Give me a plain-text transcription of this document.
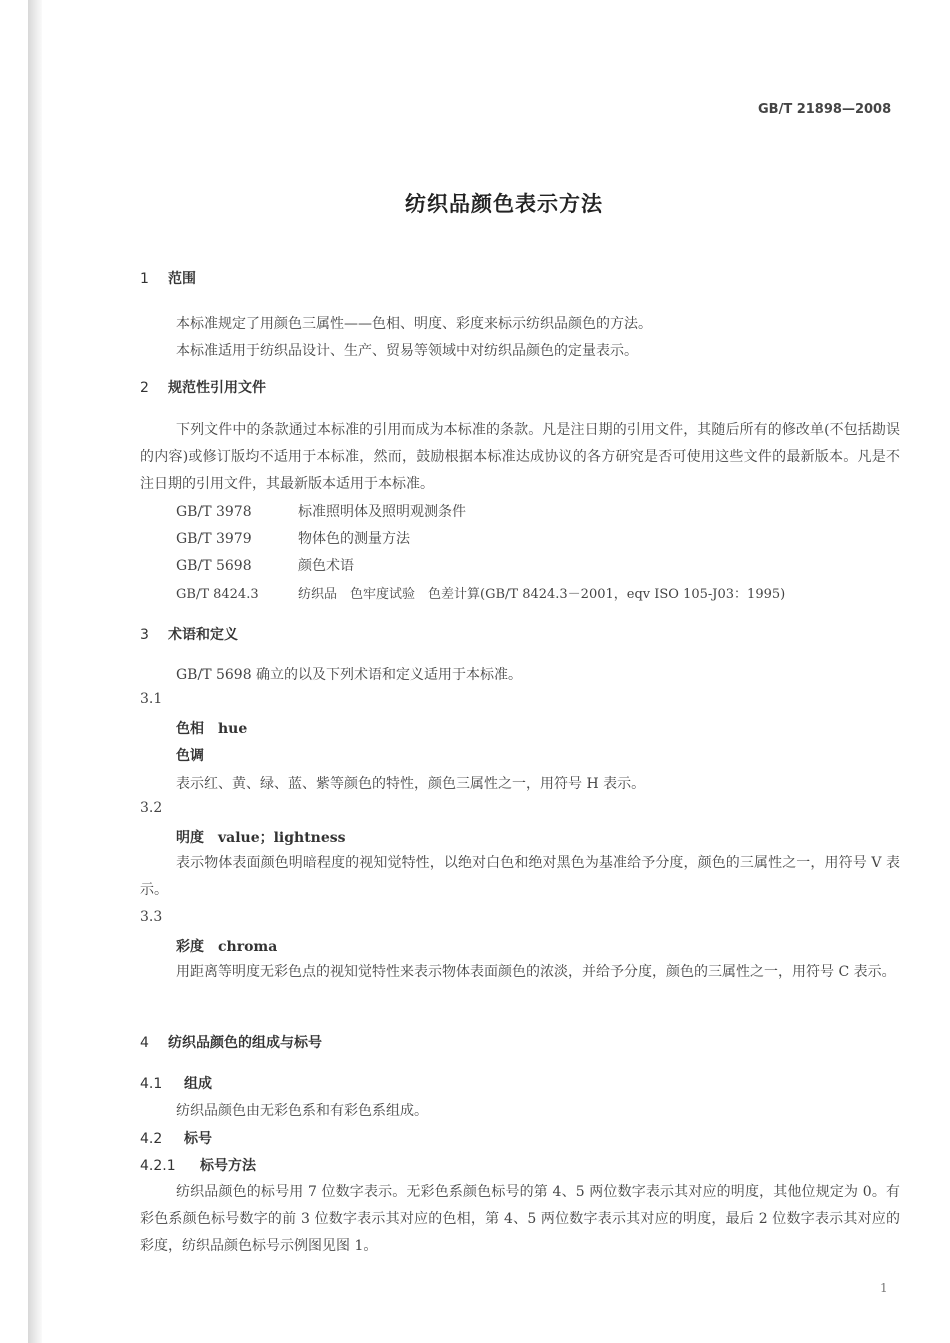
GB/T 21898—2008
纺织品颜色表示方法
1 范围
本标准规定了用颜色三属性——色相、明度、彩度来标示纺织品颜色的方法。
本标准适用于纺织品设计、生产、贸易等领域中对纺织品颜色的定量表示。
2 规范性引用文件
下列文件中的条款通过本标准的引用而成为本标准的条款。凡是注日期的引用文件，其随后所有的修改单(不包括勘误的内容)或修订版均不适用于本标准，然而，鼓励根据本标准达成协议的各方研究是否可使用这些文件的最新版本。凡是不注日期的引用文件，其最新版本适用于本标准。
GB/T 3978	标准照明体及照明观测条件
GB/T 3979	物体色的测量方法
GB/T 5698	颜色术语
GB/T 8424.3	纺织品　色牢度试验　色差计算(GB/T 8424.3－2001，eqv ISO 105-J03：1995)
3 术语和定义
GB/T 5698 确立的以及下列术语和定义适用于本标准。
3.1
色相 hue
色调
表示红、黄、绿、蓝、紫等颜色的特性，颜色三属性之一，用符号 H 表示。
3.2
明度 value；lightness
表示物体表面颜色明暗程度的视知觉特性，以绝对白色和绝对黑色为基准给予分度，颜色的三属性之一，用符号 V 表示。
3.3
彩度 chroma
用距离等明度无彩色点的视知觉特性来表示物体表面颜色的浓淡，并给予分度，颜色的三属性之一，用符号 C 表示。
4 纺织品颜色的组成与标号
4.1 组成
纺织品颜色由无彩色系和有彩色系组成。
4.2 标号
4.2.1 标号方法
纺织品颜色的标号用 7 位数字表示。无彩色系颜色标号的第 4、5 两位数字表示其对应的明度，其他位规定为 0。有彩色系颜色标号数字的前 3 位数字表示其对应的色相，第 4、5 两位数字表示其对应的明度，最后 2 位数字表示其对应的彩度，纺织品颜色标号示例图见图 1。
1
